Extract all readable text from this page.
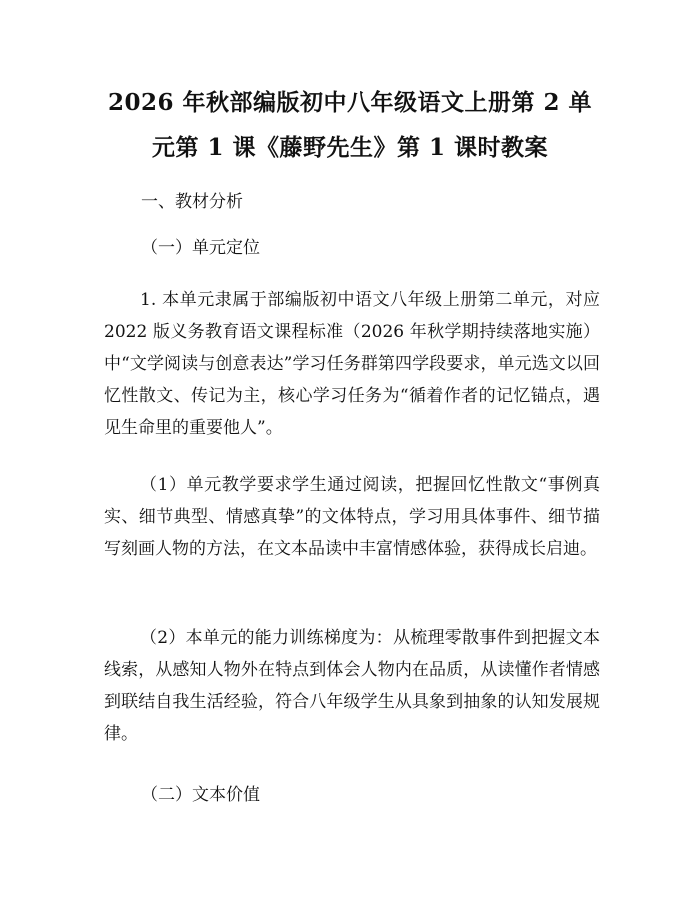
2026 年秋部编版初中八年级语文上册第 2 单
元第 1 课《藤野先生》第 1 课时教案
一、教材分析
（一）单元定位

1. 本单元隶属于部编版初中语文八年级上册第二单元，对应 2022 版义务教育语文课程标准（2026 年秋学期持续落地实施）中“文学阅读与创意表达”学习任务群第四学段要求，单元选文以回忆性散文、传记为主，核心学习任务为“循着作者的记忆锚点，遇见生命里的重要他人”。

（1）单元教学要求学生通过阅读，把握回忆性散文“事例真实、细节典型、情感真挚”的文体特点，学习用具体事件、细节描写刻画人物的方法，在文本品读中丰富情感体验，获得成长启迪。

（2）本单元的能力训练梯度为：从梳理零散事件到把握文本线索，从感知人物外在特点到体会人物内在品质，从读懂作者情感到联结自我生活经验，符合八年级学生从具象到抽象的认知发展规律。

（二）文本价值
